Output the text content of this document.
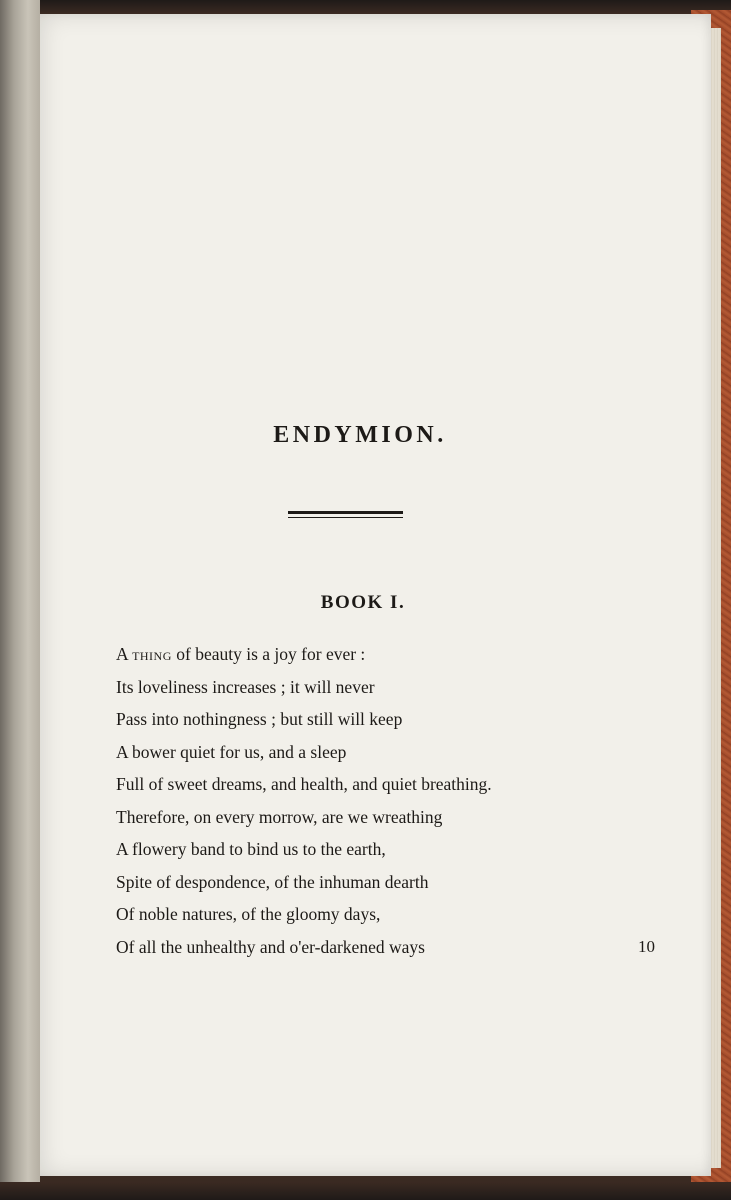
ENDYMION.
BOOK I.
A thing of beauty is a joy for ever :
Its loveliness increases ; it will never
Pass into nothingness ; but still will keep
A bower quiet for us, and a sleep
Full of sweet dreams, and health, and quiet breathing.
Therefore, on every morrow, are we wreathing
A flowery band to bind us to the earth,
Spite of despondence, of the inhuman dearth
Of noble natures, of the gloomy days,
Of all the unhealthy and o'er-darkened ways	10
